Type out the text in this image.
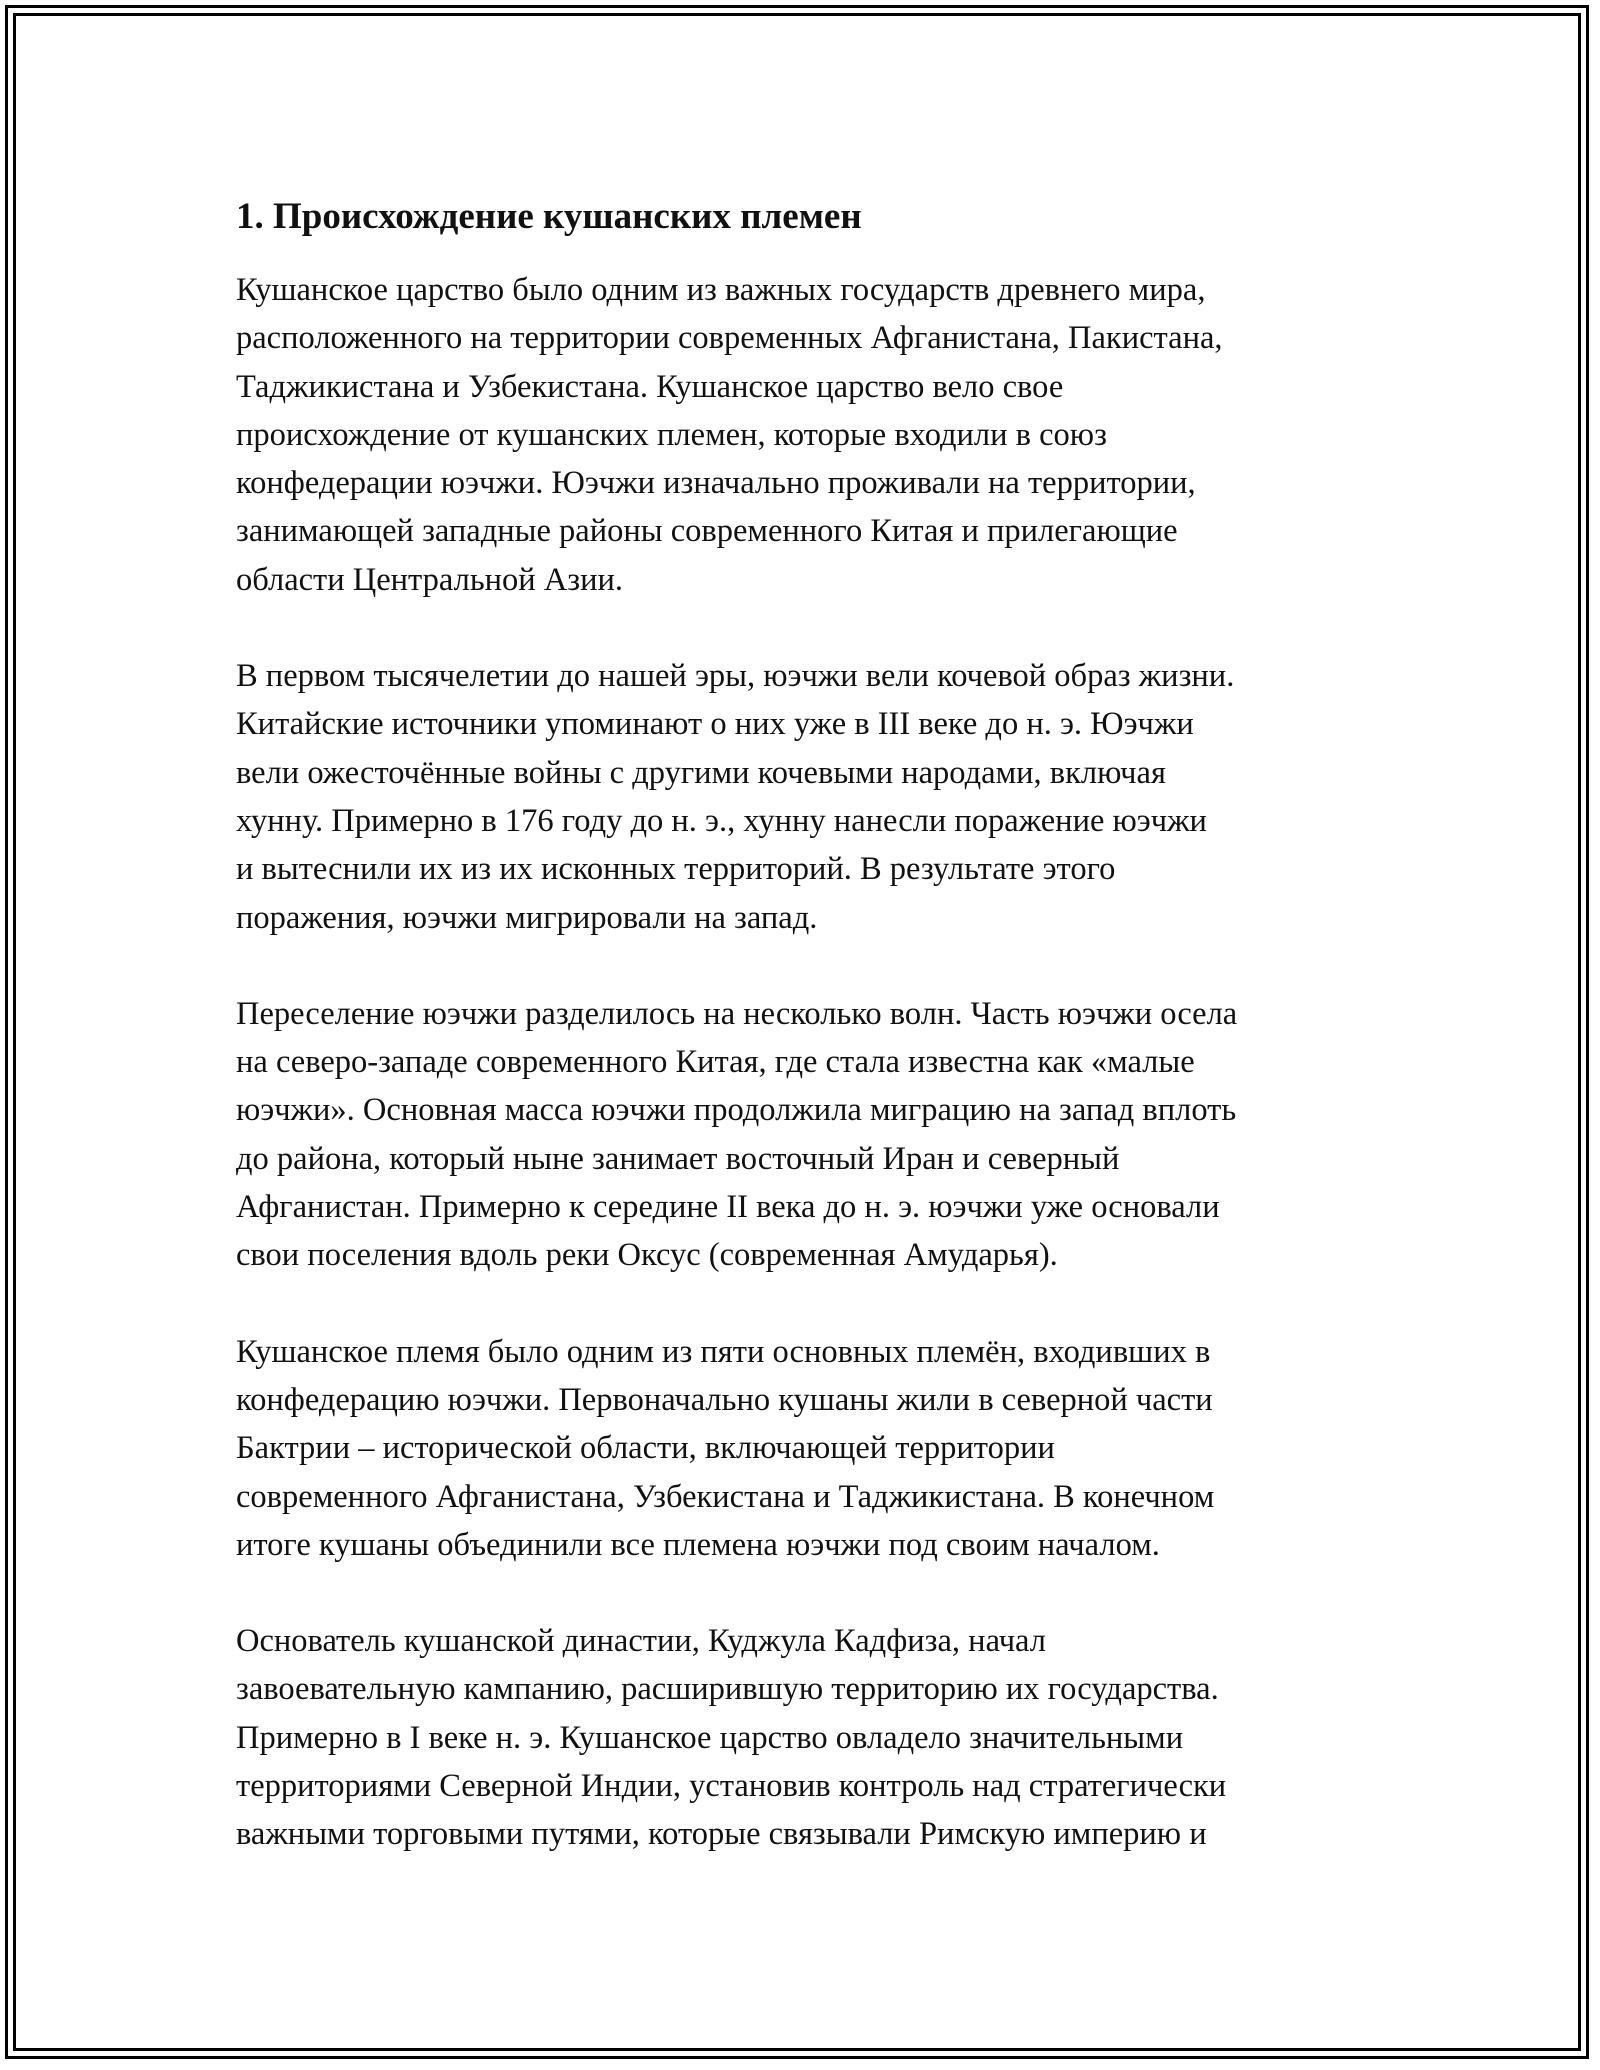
1. Происхождение кушанских племен

Кушанское царство было одним из важных государств древнего мира,
расположенного на территории современных Афганистана, Пакистана,
Таджикистана и Узбекистана. Кушанское царство вело свое
происхождение от кушанских племен, которые входили в союз
конфедерации юэчжи. Юэчжи изначально проживали на территории,
занимающей западные районы современного Китая и прилегающие
области Центральной Азии.

В первом тысячелетии до нашей эры, юэчжи вели кочевой образ жизни.
Китайские источники упоминают о них уже в III веке до н. э. Юэчжи
вели ожесточённые войны с другими кочевыми народами, включая
хунну. Примерно в 176 году до н. э., хунну нанесли поражение юэчжи
и вытеснили их из их исконных территорий. В результате этого
поражения, юэчжи мигрировали на запад.

Переселение юэчжи разделилось на несколько волн. Часть юэчжи осела
на северо-западе современного Китая, где стала известна как «малые
юэчжи». Основная масса юэчжи продолжила миграцию на запад вплоть
до района, который ныне занимает восточный Иран и северный
Афганистан. Примерно к середине II века до н. э. юэчжи уже основали
свои поселения вдоль реки Оксус (современная Амударья).

Кушанское племя было одним из пяти основных племён, входивших в
конфедерацию юэчжи. Первоначально кушаны жили в северной части
Бактрии – исторической области, включающей территории
современного Афганистана, Узбекистана и Таджикистана. В конечном
итоге кушаны объединили все племена юэчжи под своим началом.

Основатель кушанской династии, Куджула Кадфиза, начал
завоевательную кампанию, расширившую территорию их государства.
Примерно в I веке н. э. Кушанское царство овладело значительными
территориями Северной Индии, установив контроль над стратегически
важными торговыми путями, которые связывали Римскую империю и
